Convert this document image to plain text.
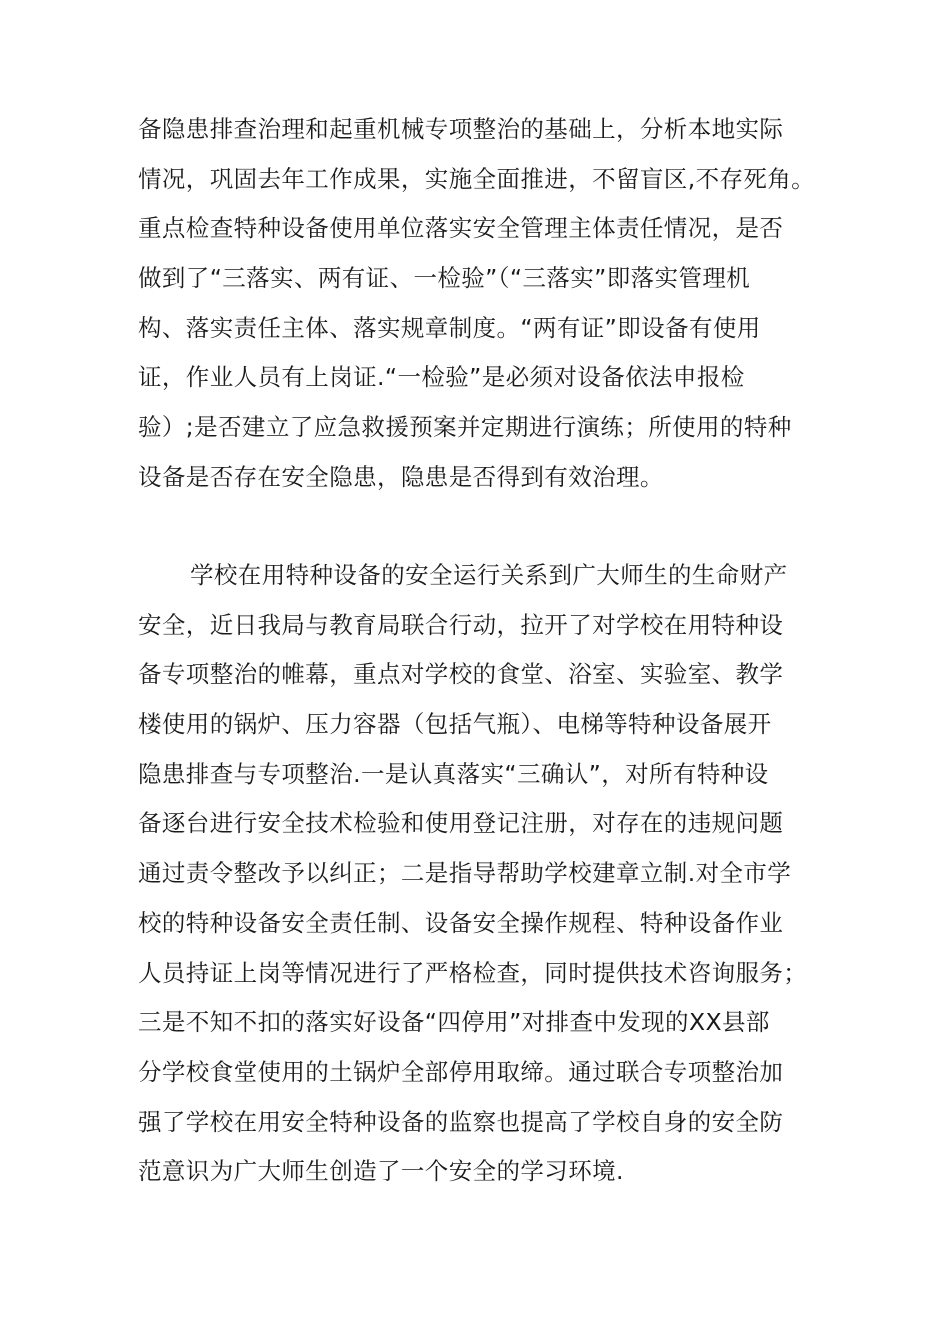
备隐患排查治理和起重机械专项整治的基础上，分析本地实际
情况，巩固去年工作成果，实施全面推进，不留盲区,不存死角。
重点检查特种设备使用单位落实安全管理主体责任情况，是否
做到了“三落实、两有证、一检验”（“三落实”即落实管理机
构、落实责任主体、落实规章制度。“两有证”即设备有使用
证，作业人员有上岗证.“一检验”是必须对设备依法申报检
验）;是否建立了应急救援预案并定期进行演练；所使用的特种
设备是否存在安全隐患，隐患是否得到有效治理。
学校在用特种设备的安全运行关系到广大师生的生命财产
安全，近日我局与教育局联合行动，拉开了对学校在用特种设
备专项整治的帷幕，重点对学校的食堂、浴室、实验室、教学
楼使用的锅炉、压力容器（包括气瓶）、电梯等特种设备展开
隐患排查与专项整治.一是认真落实“三确认”，对所有特种设
备逐台进行安全技术检验和使用登记注册，对存在的违规问题
通过责令整改予以纠正；二是指导帮助学校建章立制.对全市学
校的特种设备安全责任制、设备安全操作规程、特种设备作业
人员持证上岗等情况进行了严格检查，同时提供技术咨询服务；
三是不知不扣的落实好设备“四停用”对排查中发现的XX县部
分学校食堂使用的土锅炉全部停用取缔。通过联合专项整治加
强了学校在用安全特种设备的监察也提高了学校自身的安全防
范意识为广大师生创造了一个安全的学习环境.
